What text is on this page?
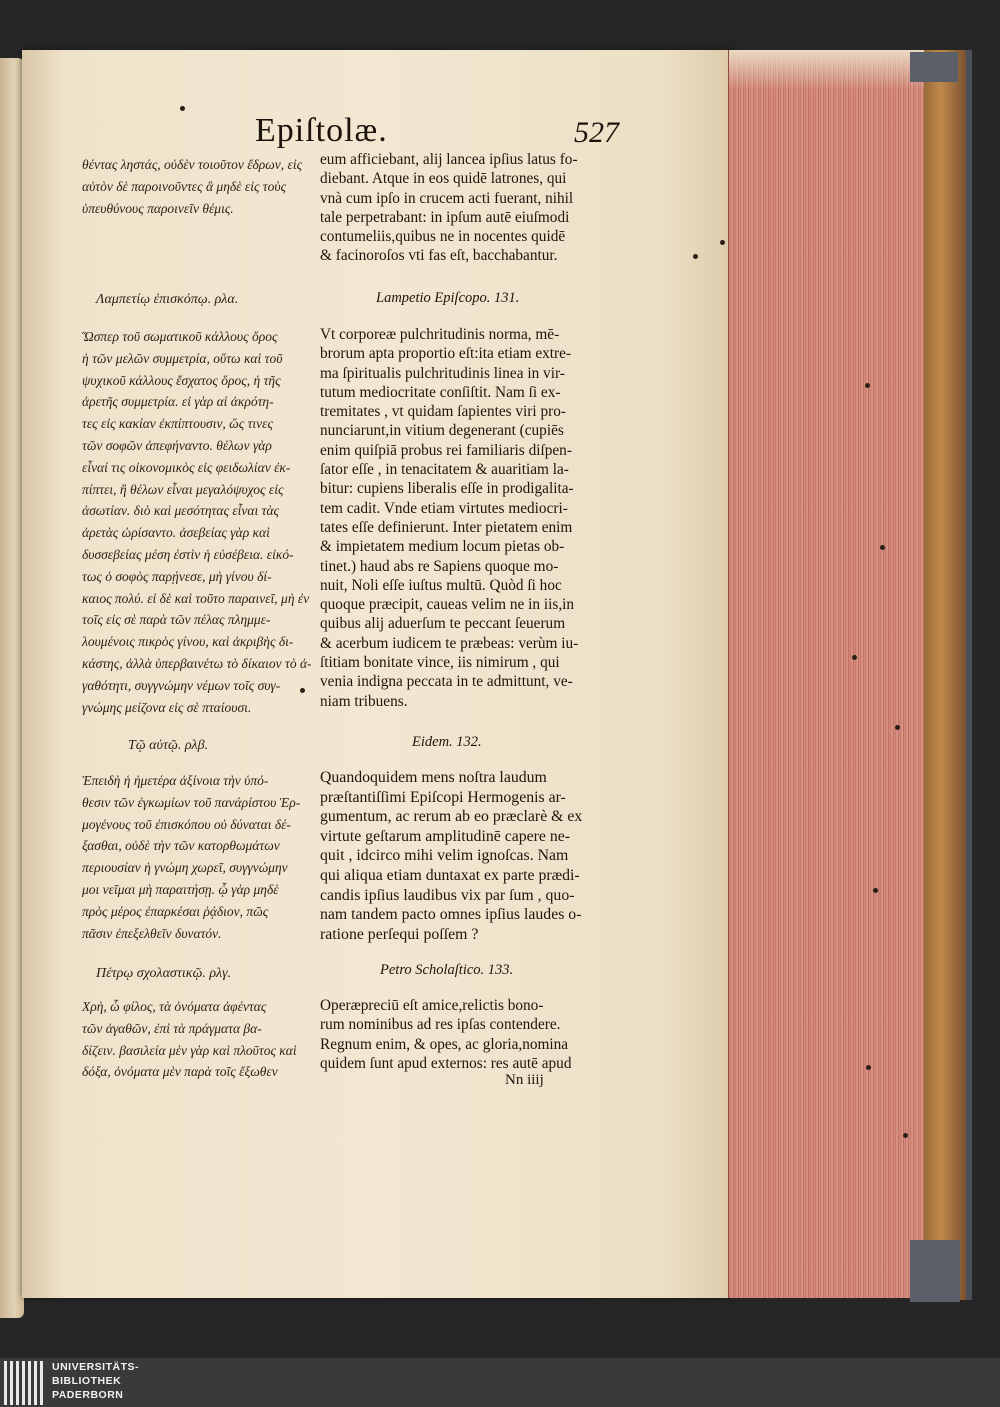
Epiſtolæ.	527
θέντας ληστάς, οὐδὲν τοιοῦτον ἔδρων, εἰς
αὐτὸν δὲ παροινοῦντες ἃ μηδὲ εἰς τοὺς
ὑπευθύνους παροινεῖν θέμις.
Λαμπετίῳ ἐπισκόπῳ. ρλα.
Ὥσπερ τοῦ σωματικοῦ κάλλους ὅρος
ἡ τῶν μελῶν συμμετρία, οὕτω καὶ τοῦ
ψυχικοῦ κάλλους ἔσχατος ὅρος, ἡ τῆς
ἀρετῆς συμμετρία. εἰ γὰρ αἱ ἀκρότη-
τες εἰς κακίαν ἐκπίπτουσιν, ὥς τινες
τῶν σοφῶν ἀπεφήναντο. θέλων γὰρ
εἶναί τις οἰκονομικὸς εἰς φειδωλίαν ἐκ-
πίπτει, ἢ θέλων εἶναι μεγαλόψυχος εἰς
ἀσωτίαν. διὸ καὶ μεσότητας εἶναι τὰς
ἀρετὰς ὡρίσαντο. ἀσεβείας γὰρ καὶ
δυσσεβείας μέση ἐστὶν ἡ εὐσέβεια. εἰκό-
τως ὁ σοφὸς παρῄνεσε, μὴ γίνου δί-
καιος πολύ. εἰ δὲ καὶ τοῦτο παραινεῖ, μὴ ἐν
τοῖς εἰς σὲ παρὰ τῶν πέλας πλημμε-
λουμένοις πικρὸς γίνου, καὶ ἀκριβὴς δι-
κάστης, ἀλλὰ ὑπερβαινέτω τὸ δίκαιον τὸ ἀ-
γαθότητι, συγγνώμην νέμων τοῖς συγ-
γνώμης μείζονα εἰς σὲ πταίουσι.
Τῷ αὐτῷ. ρλβ.
Ἐπειδὴ ἡ ἡμετέρα ἀξίνοια τὴν ὑπό-
θεσιν τῶν ἐγκωμίων τοῦ πανάρίστου Ἑρ-
μογένους τοῦ ἐπισκόπου οὐ δύναται δέ-
ξασθαι, οὐδὲ τὴν τῶν κατορθωμάτων
περιουσίαν ἡ γνώμη χωρεῖ, συγγνώμην
μοι νεῖμαι μὴ παραιτήσῃ. ᾧ γὰρ μηδὲ
πρὸς μέρος ἐπαρκέσαι ῥᾴδιον, πῶς
πᾶσιν ἐπεξελθεῖν δυνατόν.
Πέτρῳ σχολαστικῷ. ρλγ.
Χρὴ, ὦ φίλος, τὰ ὀνόματα ἀφέντας
τῶν ἀγαθῶν, ἐπὶ τὰ πράγματα βα-
δίζειν. βασιλεία μὲν γὰρ καὶ πλοῦτος καὶ
δόξα, ὀνόματα μὲν παρὰ τοῖς ἔξωθεν
eum afficiebant, alij lancea ipſius latus fo-
diebant. Atque in eos quidē latrones, qui
vnà cum ipſo in crucem acti fuerant, nihil
tale perpetrabant: in ipſum autē eiuſmodi
contumeliis,quibus ne in nocentes quidē
& facinoroſos vti fas eſt, bacchabantur.
Lampetio Epiſcopo. 131.
Vt corporeæ pulchritudinis norma, mē-
brorum apta proportio eſt:ita etiam extre-
ma ſpiritualis pulchritudinis linea in vir-
tutum mediocritate conſiſtit. Nam ſi ex-
tremitates , vt quidam ſapientes viri pro-
nunciarunt,in vitium degenerant (cupiēs
enim quiſpiā probus rei familiaris diſpen-
ſator eſſe , in tenacitatem & auaritiam la-
bitur: cupiens liberalis eſſe in prodigalita-
tem cadit. Vnde etiam virtutes mediocri-
tates eſſe definierunt. Inter pietatem enim
& impietatem medium locum pietas ob-
tinet.) haud abs re Sapiens quoque mo-
nuit, Noli eſſe iuſtus multū. Quòd ſi hoc
quoque præcipit, caueas velim ne in iis,in
quibus alij aduerſum te peccant ſeuerum
& acerbum iudicem te præbeas: verùm iu-
ſtitiam bonitate vince, iis nimirum , qui
venia indigna peccata in te admittunt, ve-
niam tribuens.
Eidem. 132.
Quandoquidem mens noſtra laudum
præſtantiſſimi Epiſcopi Hermogenis ar-
gumentum, ac rerum ab eo præclarè & ex
virtute geſtarum amplitudinē capere ne-
quit , idcirco mihi velim ignoſcas. Nam
qui aliqua etiam duntaxat ex parte prædi-
candis ipſius laudibus vix par ſum , quo-
nam tandem pacto omnes ipſius laudes o-
ratione perſequi poſſem ?
Petro Scholaſtico. 133.
Operæpreciū eſt amice,relictis bono-
rum nominibus ad res ipſas contendere.
Regnum enim, & opes, ac gloria,nomina
quidem ſunt apud externos: res autē apud
Nn iiij
UNIVERSITÄTS-
BIBLIOTHEK
PADERBORN
